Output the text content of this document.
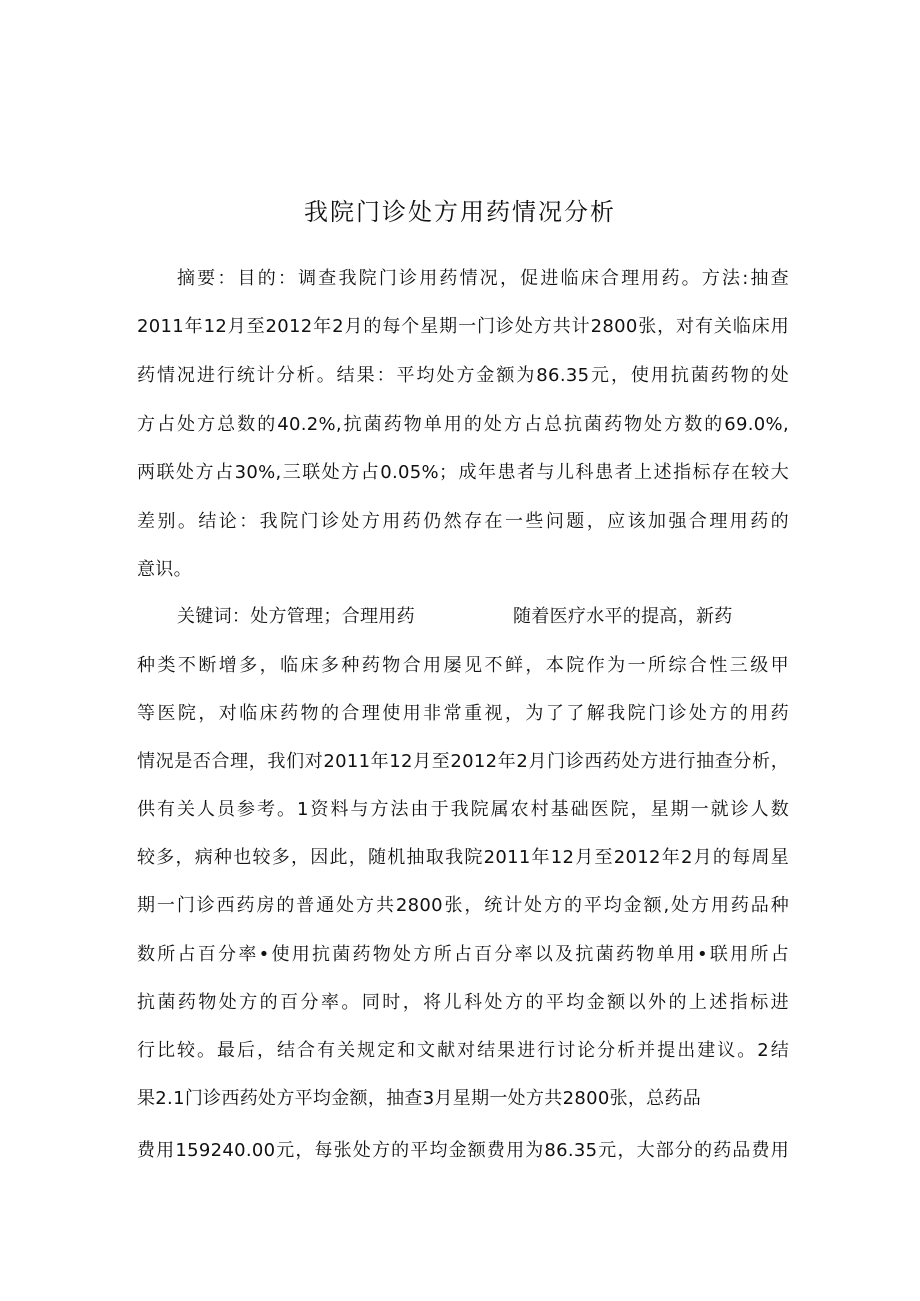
我院门诊处方用药情况分析
摘要：目的：调查我院门诊用药情况，促进临床合理用药。方法:抽查
2011年12月至2012年2月的每个星期一门诊处方共计2800张，对有关临床用
药情况进行统计分析。结果：平均处方金额为86.35元，使用抗菌药物的处
方占处方总数的40.2%,抗菌药物单用的处方占总抗菌药物处方数的69.0%,
两联处方占30%,三联处方占0.05%；成年患者与儿科患者上述指标存在较大
差别。结论：我院门诊处方用药仍然存在一些问题，应该加强合理用药的
意识。
关键词：处方管理；合理用药	随着医疗水平的提高，新药
种类不断增多，临床多种药物合用屡见不鲜，本院作为一所综合性三级甲
等医院，对临床药物的合理使用非常重视，为了了解我院门诊处方的用药
情况是否合理，我们对2011年12月至2012年2月门诊西药处方进行抽查分析，
供有关人员参考。1资料与方法由于我院属农村基础医院，星期一就诊人数
较多，病种也较多，因此，随机抽取我院2011年12月至2012年2月的每周星
期一门诊西药房的普通处方共2800张，统计处方的平均金额,处方用药品种
数所占百分率•使用抗菌药物处方所占百分率以及抗菌药物单用•联用所占
抗菌药物处方的百分率。同时，将儿科处方的平均金额以外的上述指标进
行比较。最后，结合有关规定和文献对结果进行讨论分析并提出建议。2结
果2.1门诊西药处方平均金额，抽查3月星期一处方共2800张，总药品
费用159240.00元，每张处方的平均金额费用为86.35元，大部分的药品费用
